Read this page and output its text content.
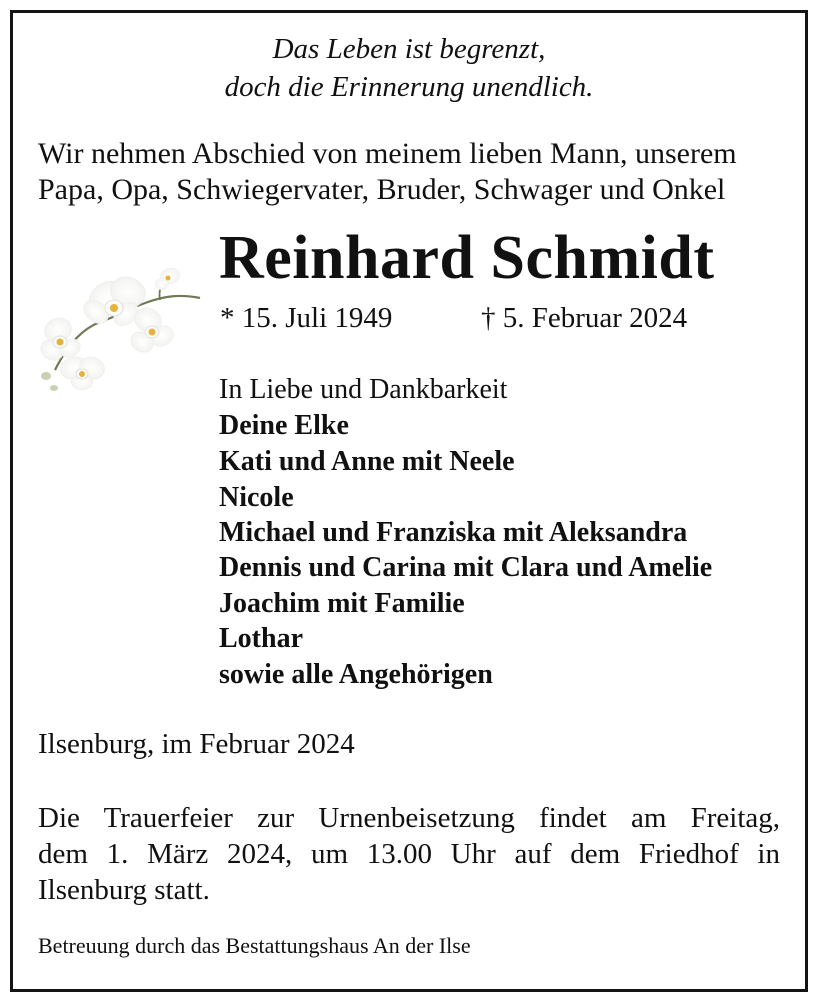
Das Leben ist begrenzt,
doch die Erinnerung unendlich.
Wir nehmen Abschied von meinem lieben Mann, unserem
Papa, Opa, Schwiegervater, Bruder, Schwager und Onkel
Reinhard Schmidt
* 15. Juli 1949	† 5. Februar 2024
In Liebe und Dankbarkeit
Deine Elke
Kati und Anne mit Neele
Nicole
Michael und Franziska mit Aleksandra
Dennis und Carina mit Clara und Amelie
Joachim mit Familie
Lothar
sowie alle Angehörigen
Ilsenburg, im Februar 2024
Die Trauerfeier zur Urnenbeisetzung findet am Freitag,
dem 1. März 2024, um 13.00 Uhr auf dem Friedhof in
Ilsenburg statt.
Betreuung durch das Bestattungshaus An der Ilse
